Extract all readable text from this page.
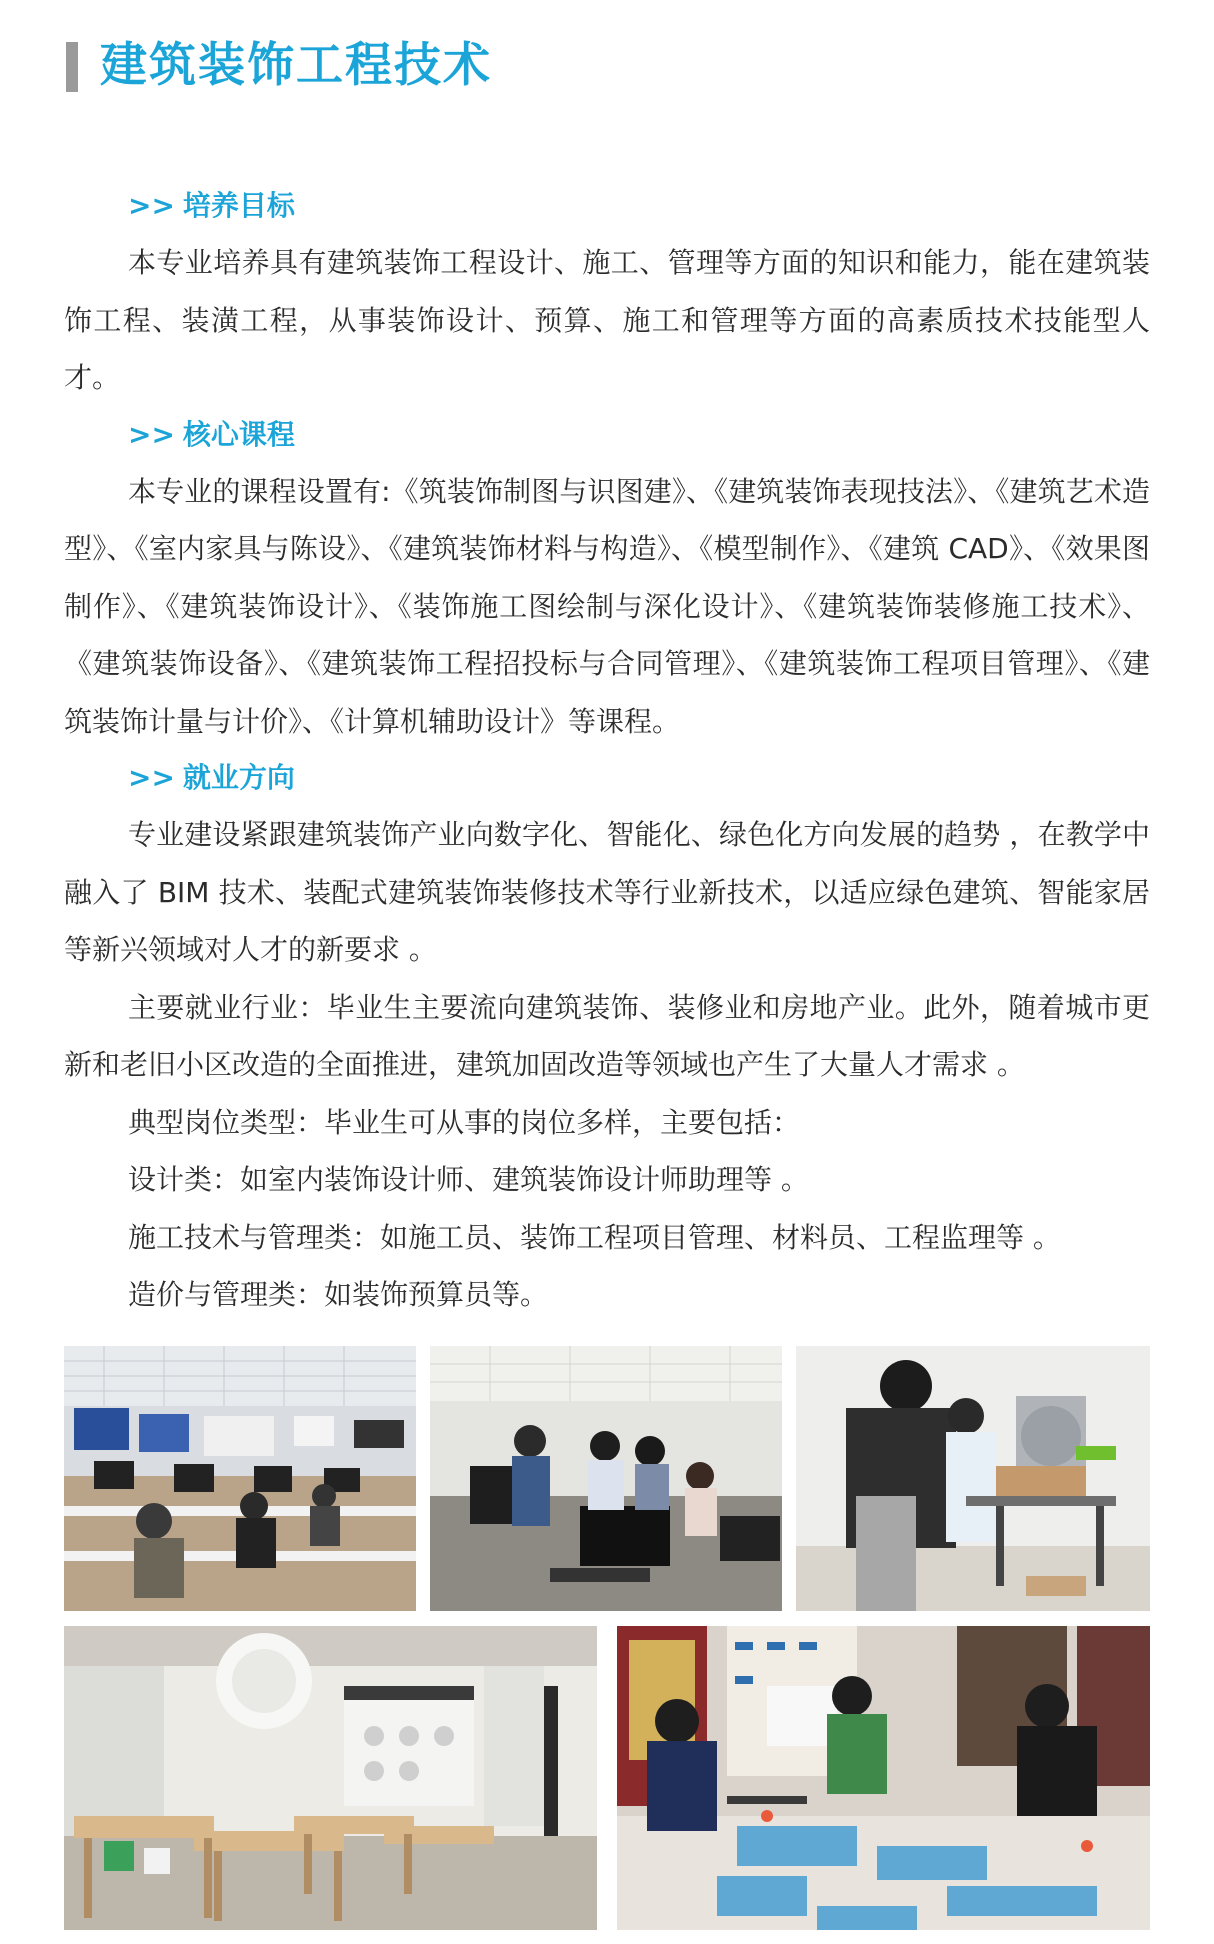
建筑装饰工程技术
>> 培养目标

本专业培养具有建筑装饰工程设计、施工、管理等方面的知识和能力，能在建筑装饰工程、装潢工程，从事装饰设计、预算、施工和管理等方面的高素质技术技能型人才。

>> 核心课程

本专业的课程设置有:《筑装饰制图与识图建》、《建筑装饰表现技法》、《建筑艺术造型》、《室内家具与陈设》、《建筑装饰材料与构造》、《模型制作》、《建筑 CAD》、《效果图制作》、《建筑装饰设计》、《装饰施工图绘制与深化设计》、《建筑装饰装修施工技术》、《建筑装饰设备》、《建筑装饰工程招投标与合同管理》、《建筑装饰工程项目管理》、《建筑装饰计量与计价》、《计算机辅助设计》等课程。

>> 就业方向

专业建设紧跟建筑装饰产业向数字化、智能化、绿色化方向发展的趋势 ，在教学中融入了 BIM 技术、装配式建筑装饰装修技术等行业新技术，以适应绿色建筑、智能家居等新兴领域对人才的新要求 。

主要就业行业：毕业生主要流向建筑装饰、装修业和房地产业。此外，随着城市更新和老旧小区改造的全面推进，建筑加固改造等领域也产生了大量人才需求 。

典型岗位类型：毕业生可从事的岗位多样，主要包括：

设计类：如室内装饰设计师、建筑装饰设计师助理等 。

施工技术与管理类：如施工员、装饰工程项目管理、材料员、工程监理等 。

造价与管理类：如装饰预算员等。
